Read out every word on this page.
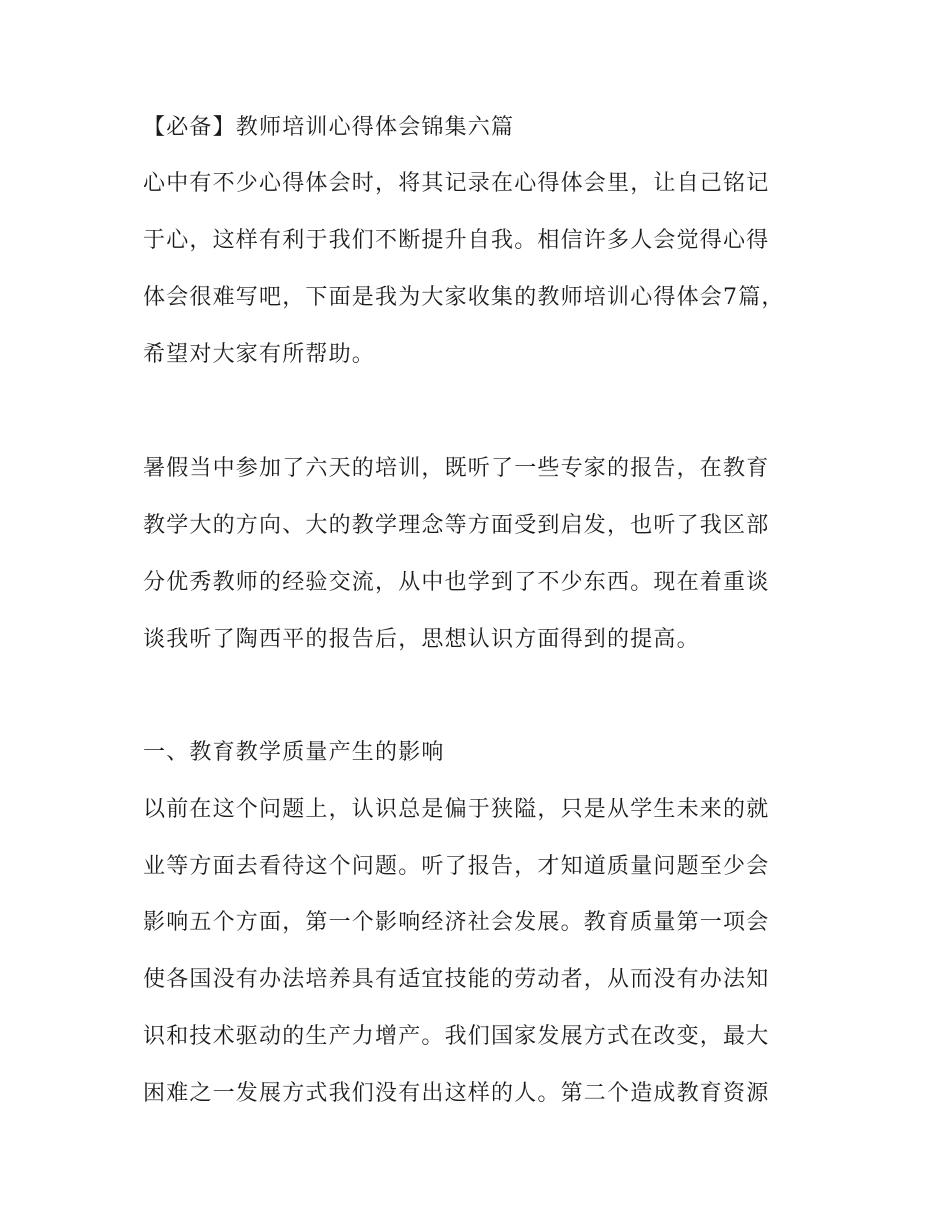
【必备】教师培训心得体会锦集六篇
心中有不少心得体会时，将其记录在心得体会里，让自己铭记
于心，这样有利于我们不断提升自我。相信许多人会觉得心得
体会很难写吧，下面是我为大家收集的教师培训心得体会7篇，
希望对大家有所帮助。
暑假当中参加了六天的培训，既听了一些专家的报告，在教育
教学大的方向、大的教学理念等方面受到启发，也听了我区部
分优秀教师的经验交流，从中也学到了不少东西。现在着重谈
谈我听了陶西平的报告后，思想认识方面得到的提高。
一、教育教学质量产生的影响
以前在这个问题上，认识总是偏于狭隘，只是从学生未来的就
业等方面去看待这个问题。听了报告，才知道质量问题至少会
影响五个方面，第一个影响经济社会发展。教育质量第一项会
使各国没有办法培养具有适宜技能的劳动者，从而没有办法知
识和技术驱动的生产力增产。我们国家发展方式在改变，最大
困难之一发展方式我们没有出这样的人。第二个造成教育资源
